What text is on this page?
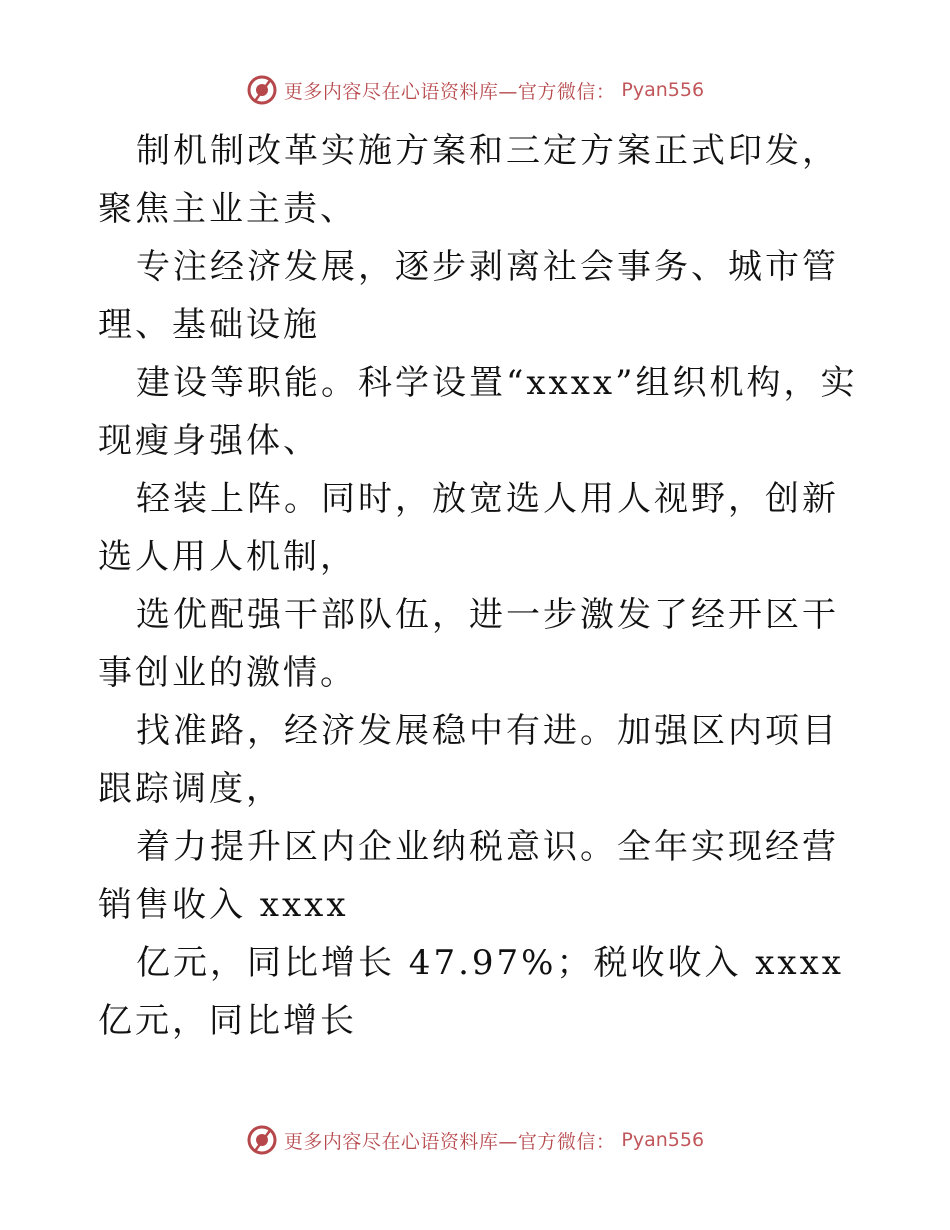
更多内容尽在心语资料库—官方微信： Pyan556

制机制改革实施方案和三定方案正式印发，聚焦主业主责、

专注经济发展，逐步剥离社会事务、城市管理、基础设施

建设等职能。科学设置“xxxx”组织机构，实现瘦身强体、

轻装上阵。同时，放宽选人用人视野，创新选人用人机制，

选优配强干部队伍，进一步激发了经开区干事创业的激情。

找准路，经济发展稳中有进。加强区内项目跟踪调度，

着力提升区内企业纳税意识。全年实现经营销售收入 xxxx

亿元，同比增长 47.97%；税收收入 xxxx 亿元，同比增长

更多内容尽在心语资料库—官方微信： Pyan556
